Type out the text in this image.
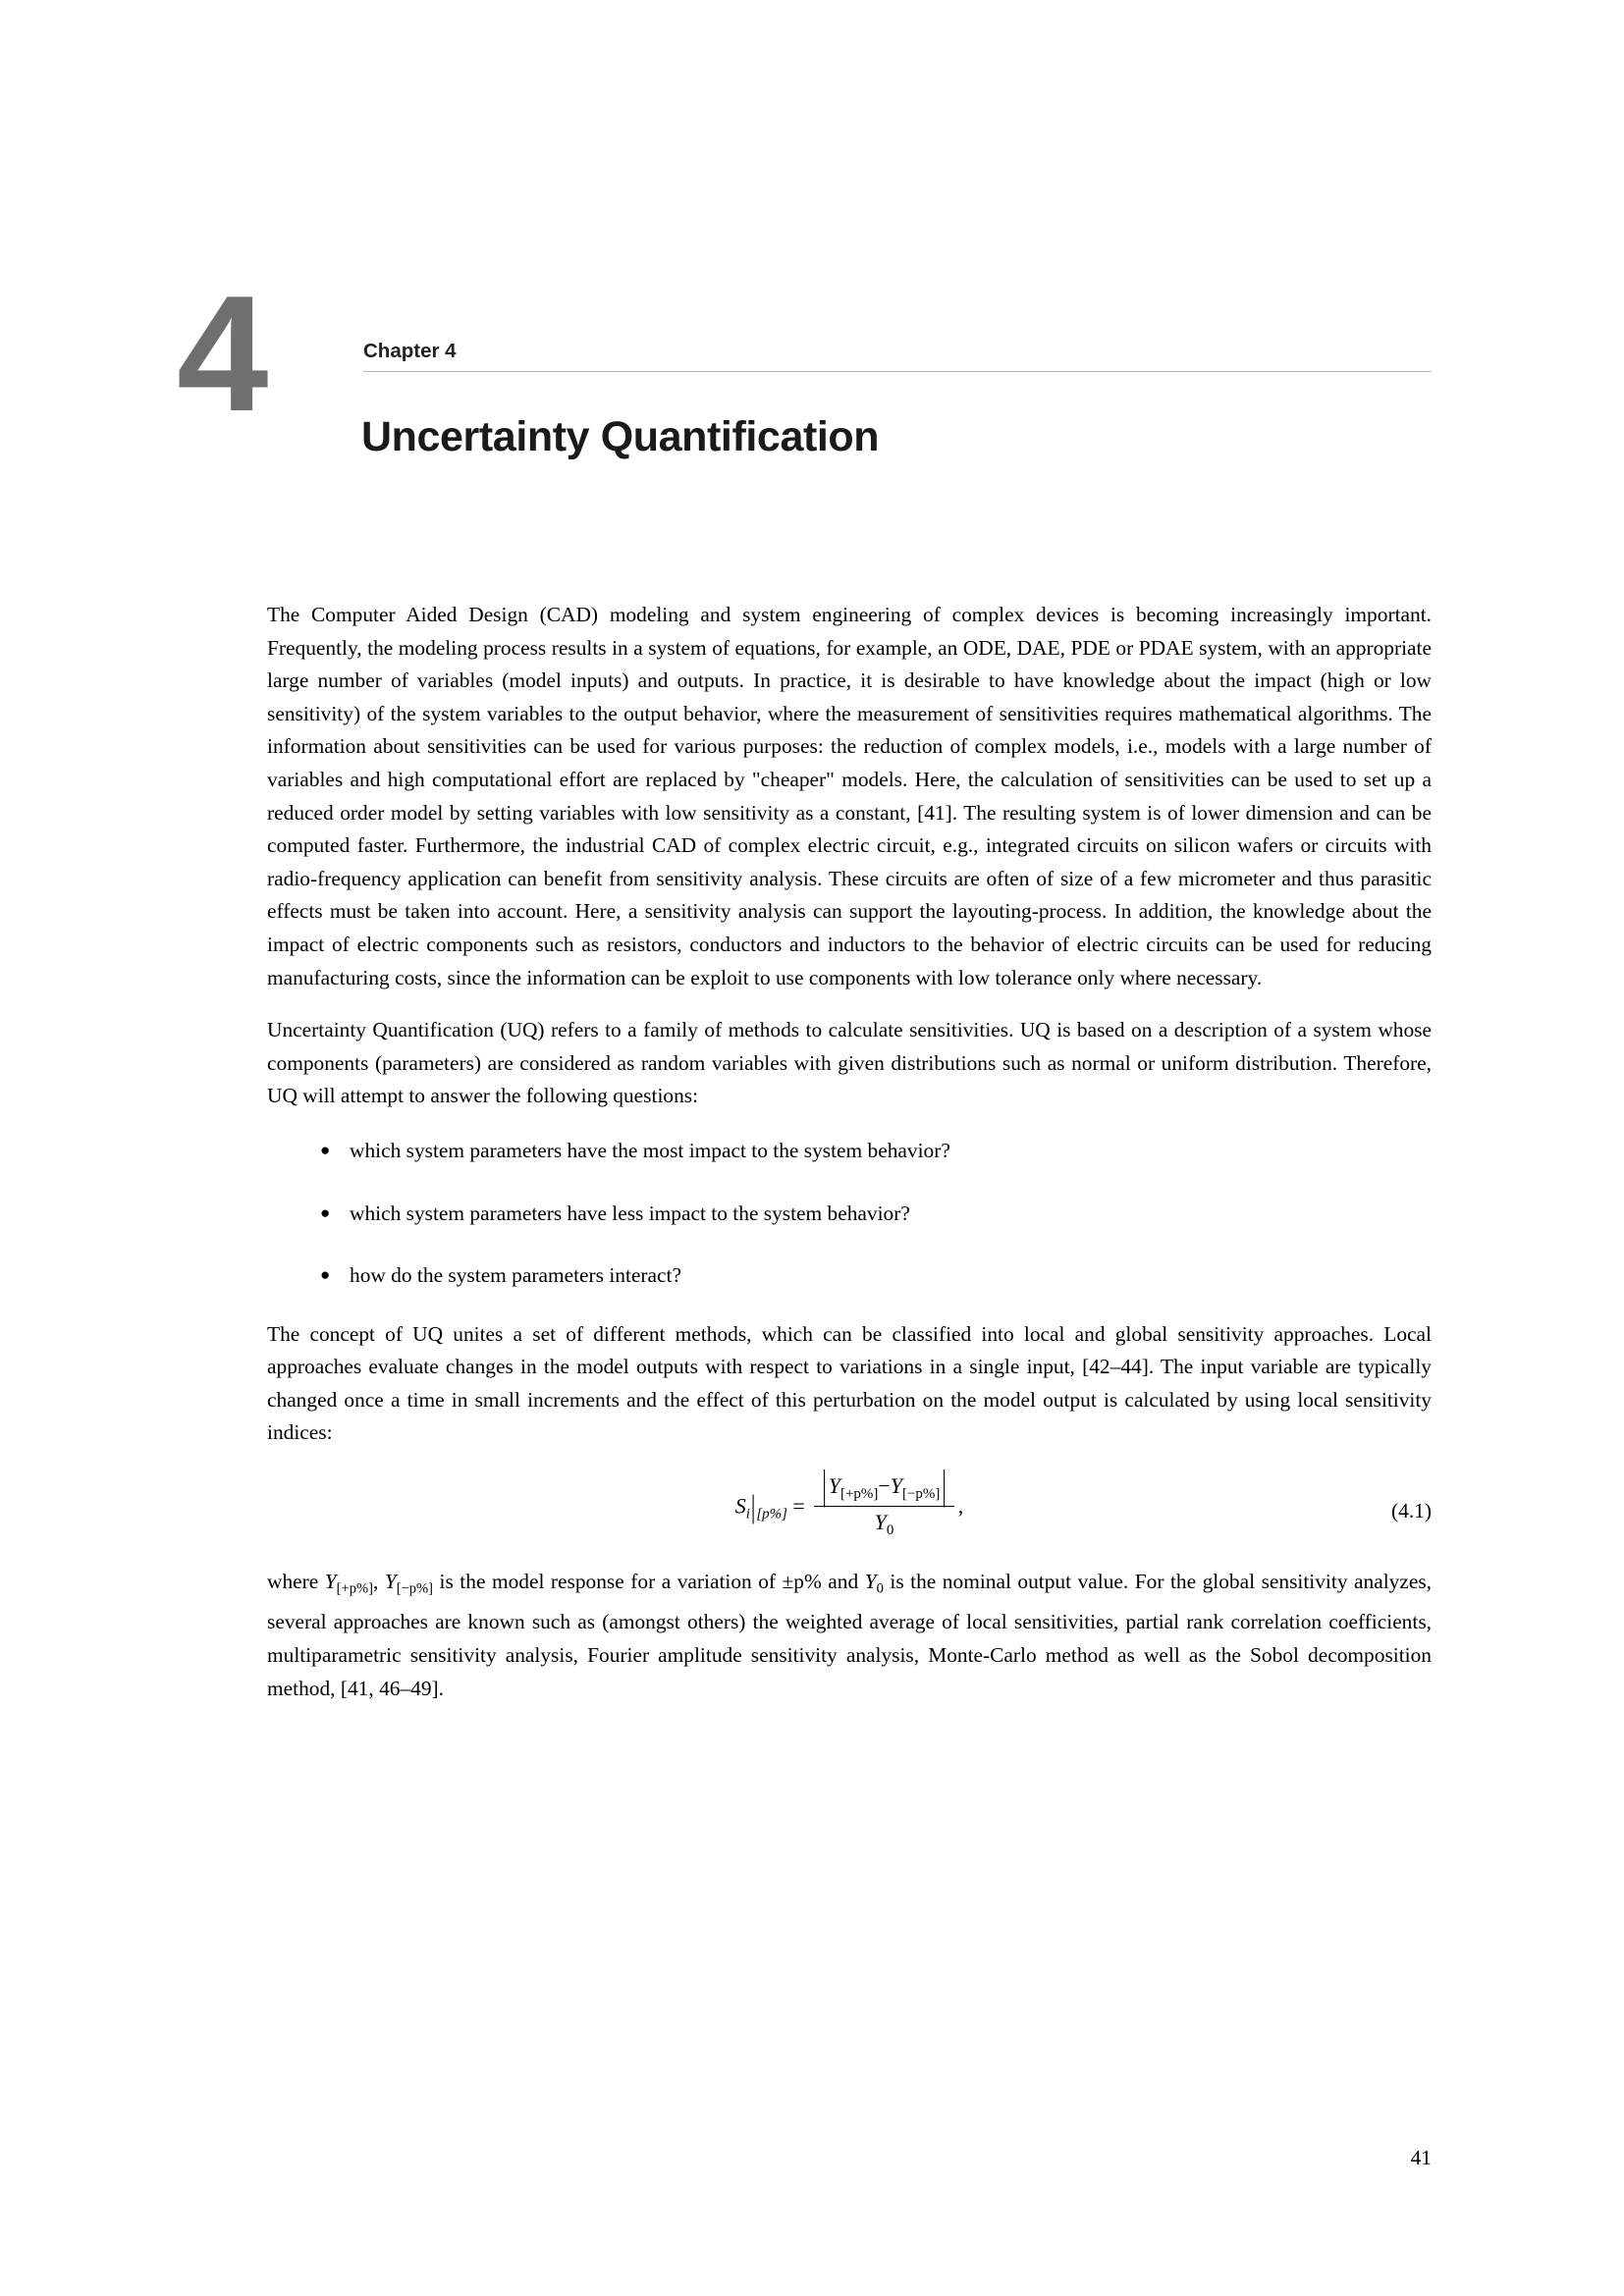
4	Chapter 4
Uncertainty Quantification

The Computer Aided Design (CAD) modeling and system engineering of complex devices is becoming increasingly important. Frequently, the modeling process results in a system of equations, for example, an ODE, DAE, PDE or PDAE system, with an appropriate large number of variables (model inputs) and outputs. In practice, it is desirable to have knowledge about the impact (high or low sensitivity) of the system variables to the output behavior, where the measurement of sensitivities requires mathematical algorithms. The information about sensitivities can be used for various purposes: the reduction of complex models, i.e., models with a large number of variables and high computational effort are replaced by "cheaper" models. Here, the calculation of sensitivities can be used to set up a reduced order model by setting variables with low sensitivity as a constant, [41]. The resulting system is of lower dimension and can be computed faster. Furthermore, the industrial CAD of complex electric circuit, e.g., integrated circuits on silicon wafers or circuits with radio-frequency application can benefit from sensitivity analysis. These circuits are often of size of a few micrometer and thus parasitic effects must be taken into account. Here, a sensitivity analysis can support the layouting-process. In addition, the knowledge about the impact of electric components such as resistors, conductors and inductors to the behavior of electric circuits can be used for reducing manufacturing costs, since the information can be exploit to use components with low tolerance only where necessary.

Uncertainty Quantification (UQ) refers to a family of methods to calculate sensitivities. UQ is based on a description of a system whose components (parameters) are considered as random variables with given distributions such as normal or uniform distribution. Therefore, UQ will attempt to answer the following questions:

● which system parameters have the most impact to the system behavior?
● which system parameters have less impact to the system behavior?
● how do the system parameters interact?

The concept of UQ unites a set of different methods, which can be classified into local and global sensitivity approaches. Local approaches evaluate changes in the model outputs with respect to variations in a single input, [42–44]. The input variable are typically changed once a time in small increments and the effect of this perturbation on the model output is calculated by using local sensitivity indices:

$S_i|_{[p\%]} = \frac{|Y_{[+p\%]}-Y_{[-p\%]}|}{Y_0}$ ,	(4.1)

where $Y_{[+p\%]}$, $Y_{[-p\%]}$ is the model response for a variation of ±p% and $Y_0$ is the nominal output value. For the global sensitivity analyzes, several approaches are known such as (amongst others) the weighted average of local sensitivities, partial rank correlation coefficients, multiparametric sensitivity analysis, Fourier amplitude sensitivity analysis, Monte-Carlo method as well as the Sobol decomposition method, [41, 46–49].

41
